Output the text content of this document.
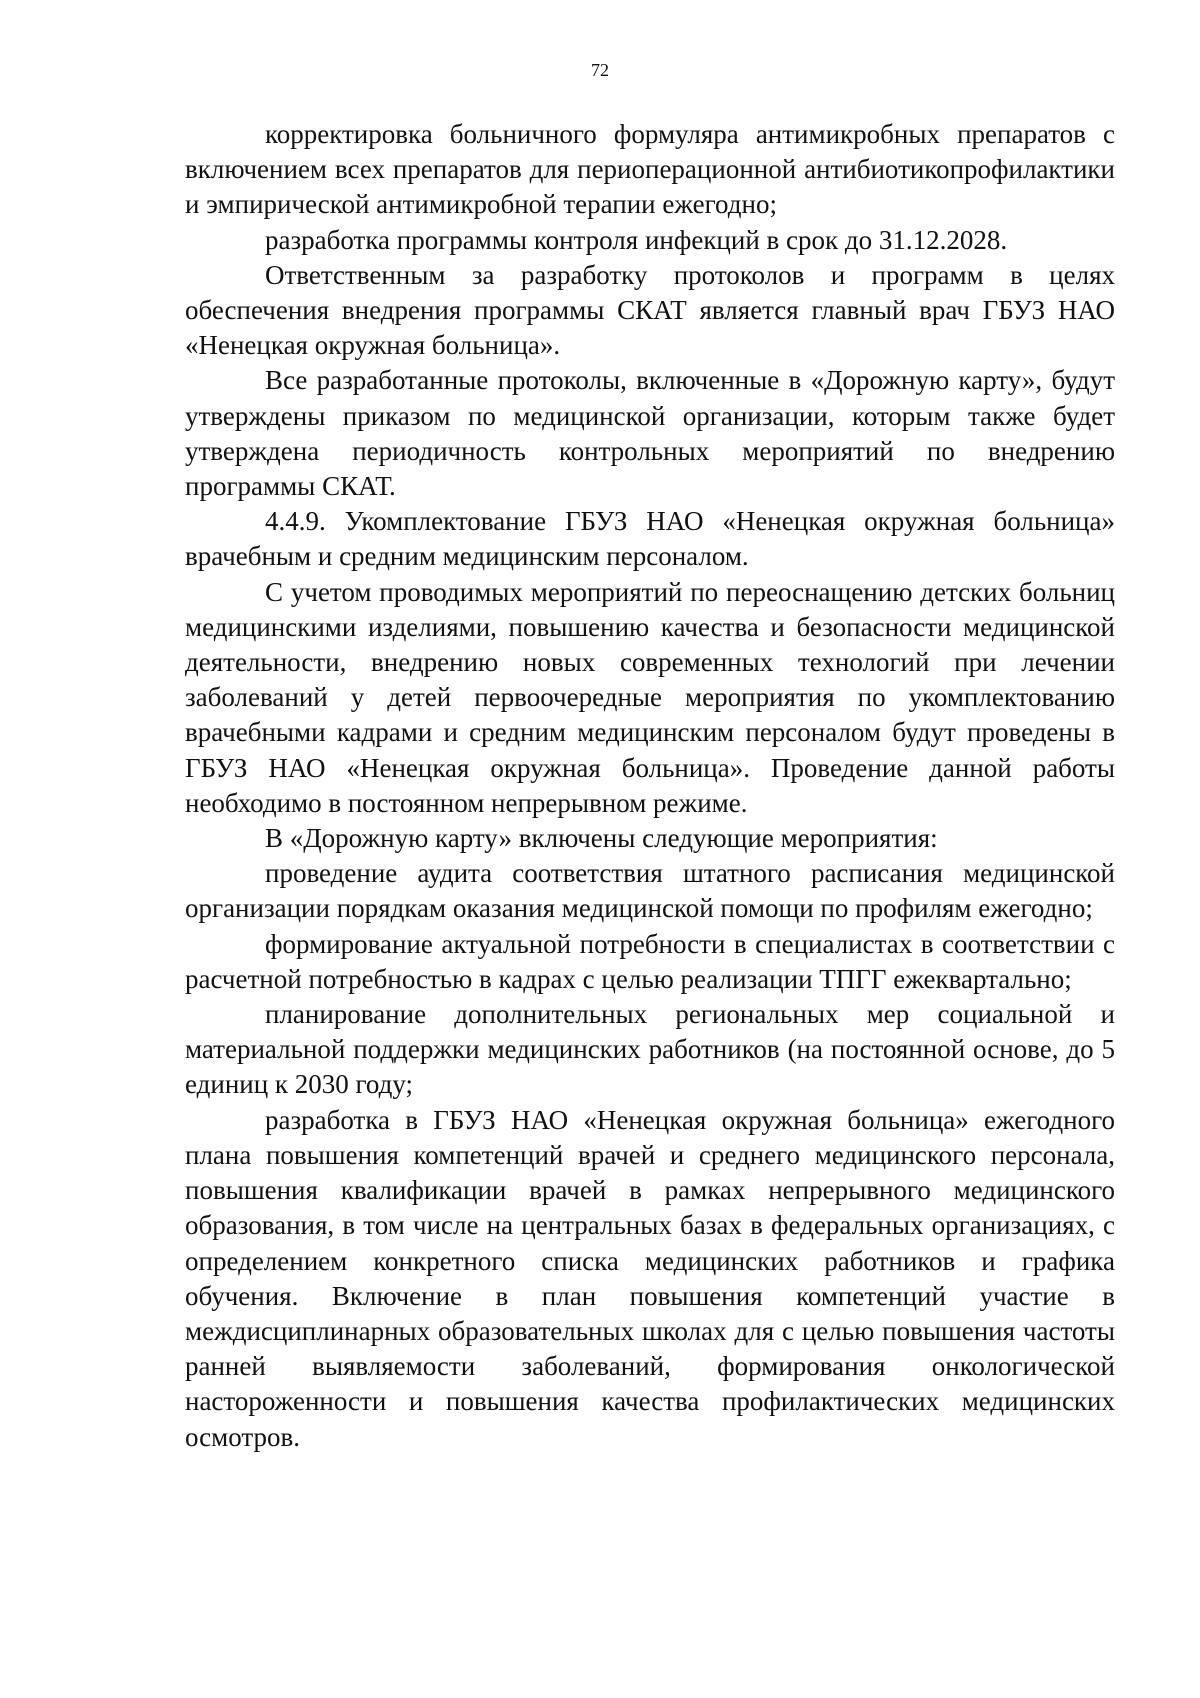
72

корректировка больничного формуляра антимикробных препаратов с включением всех препаратов для периоперационной антибиотикопрофилактики и эмпирической антимикробной терапии ежегодно;

разработка программы контроля инфекций в срок до 31.12.2028.

Ответственным за разработку протоколов и программ в целях обеспечения внедрения программы СКАТ является главный врач ГБУЗ НАО «Ненецкая окружная больница».

Все разработанные протоколы, включенные в «Дорожную карту», будут утверждены приказом по медицинской организации, которым также будет утверждена периодичность контрольных мероприятий по внедрению программы СКАТ.

4.4.9. Укомплектование ГБУЗ НАО «Ненецкая окружная больница» врачебным и средним медицинским персоналом.

С учетом проводимых мероприятий по переоснащению детских больниц медицинскими изделиями, повышению качества и безопасности медицинской деятельности, внедрению новых современных технологий при лечении заболеваний у детей первоочередные мероприятия по укомплектованию врачебными кадрами и средним медицинским персоналом будут проведены в ГБУЗ НАО «Ненецкая окружная больница». Проведение данной работы необходимо в постоянном непрерывном режиме.

В «Дорожную карту» включены следующие мероприятия:

проведение аудита соответствия штатного расписания медицинской организации порядкам оказания медицинской помощи по профилям ежегодно;

формирование актуальной потребности в специалистах в соответствии с расчетной потребностью в кадрах с целью реализации ТПГГ ежеквартально;

планирование дополнительных региональных мер социальной и материальной поддержки медицинских работников (на постоянной основе, до 5 единиц к 2030 году;

разработка в ГБУЗ НАО «Ненецкая окружная больница» ежегодного плана повышения компетенций врачей и среднего медицинского персонала, повышения квалификации врачей в рамках непрерывного медицинского образования, в том числе на центральных базах в федеральных организациях, с определением конкретного списка медицинских работников и графика обучения. Включение в план повышения компетенций участие в междисциплинарных образовательных школах для с целью повышения частоты ранней выявляемости заболеваний, формирования онкологической настороженности и повышения качества профилактических медицинских осмотров.
